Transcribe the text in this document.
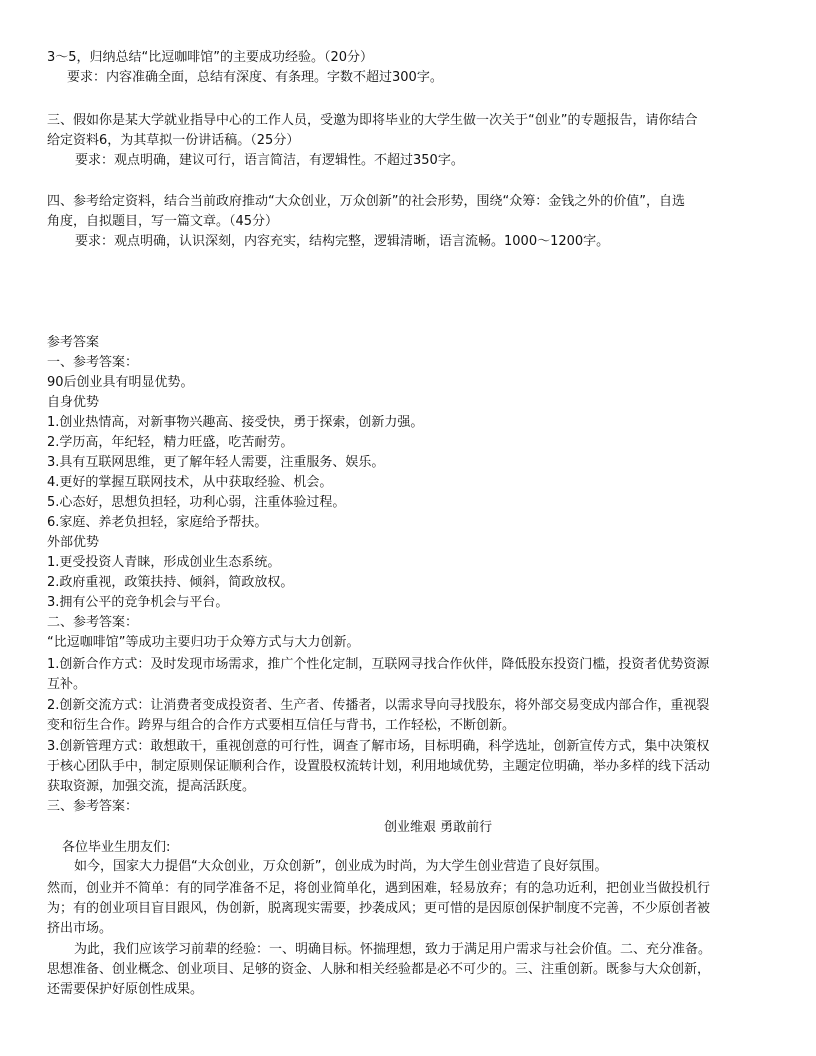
3～5，归纳总结“比逗咖啡馆”的主要成功经验。（20分）
要求：内容准确全面，总结有深度、有条理。字数不超过300字。
三、假如你是某大学就业指导中心的工作人员，受邀为即将毕业的大学生做一次关于“创业”的专题报告，请你结合
给定资料6，为其草拟一份讲话稿。（25分）
要求：观点明确，建议可行，语言简洁，有逻辑性。不超过350字。
四、参考给定资料，结合当前政府推动“大众创业，万众创新”的社会形势，围绕“众筹：金钱之外的价值”，自选
角度，自拟题目，写一篇文章。（45分）
要求：观点明确，认识深刻，内容充实，结构完整，逻辑清晰，语言流畅。1000～1200字。
参考答案
一、参考答案：
90后创业具有明显优势。
自身优势
1.创业热情高，对新事物兴趣高、接受快，勇于探索，创新力强。
2.学历高，年纪轻，精力旺盛，吃苦耐劳。
3.具有互联网思维，更了解年轻人需要，注重服务、娱乐。
4.更好的掌握互联网技术，从中获取经验、机会。
5.心态好，思想负担轻，功利心弱，注重体验过程。
6.家庭、养老负担轻，家庭给予帮扶。
外部优势
1.更受投资人青睐，形成创业生态系统。
2.政府重视，政策扶持、倾斜，简政放权。
3.拥有公平的竞争机会与平台。
二、参考答案：
“比逗咖啡馆”等成功主要归功于众筹方式与大力创新。
1.创新合作方式：及时发现市场需求，推广个性化定制，互联网寻找合作伙伴，降低股东投资门槛，投资者优势资源
互补。
2.创新交流方式：让消费者变成投资者、生产者、传播者，以需求导向寻找股东，将外部交易变成内部合作，重视裂
变和衍生合作。跨界与组合的合作方式要相互信任与背书，工作轻松，不断创新。
3.创新管理方式：敢想敢干，重视创意的可行性，调查了解市场，目标明确，科学选址，创新宣传方式，集中决策权
于核心团队手中，制定原则保证顺利合作，设置股权流转计划，利用地域优势，主题定位明确，举办多样的线下活动
获取资源，加强交流，提高活跃度。
三、参考答案：
创业维艰 勇敢前行
各位毕业生朋友们:
如今，国家大力提倡“大众创业，万众创新”，创业成为时尚，为大学生创业营造了良好氛围。
然而，创业并不简单：有的同学准备不足，将创业简单化，遇到困难，轻易放弃；有的急功近利，把创业当做投机行
为；有的创业项目盲目跟风，伪创新，脱离现实需要，抄袭成风；更可惜的是因原创保护制度不完善，不少原创者被
挤出市场。
为此，我们应该学习前辈的经验：一、明确目标。怀揣理想，致力于满足用户需求与社会价值。二、充分准备。
思想准备、创业概念、创业项目、足够的资金、人脉和相关经验都是必不可少的。三、注重创新。既参与大众创新，
还需要保护好原创性成果。
